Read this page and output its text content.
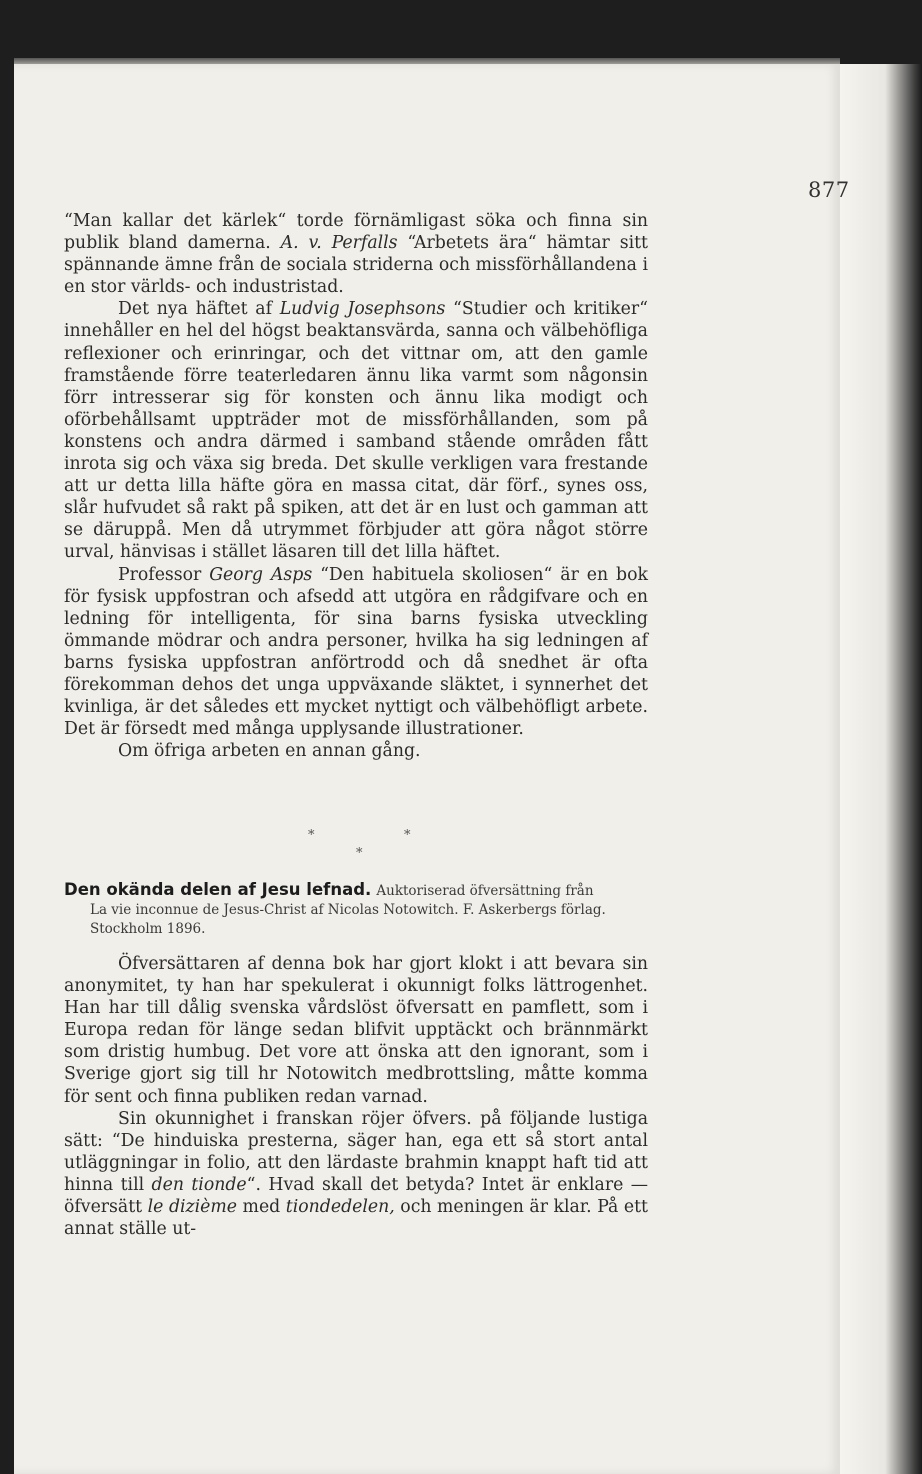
877

“Man kallar det kärlek“ torde förnämligast söka och finna sin publik bland damerna. A. v. Perfalls “Arbetets ära“ hämtar sitt spännande ämne från de sociala striderna och missförhållandena i en stor världs- och industristad.

Det nya häftet af Ludvig Josephsons “Studier och kritiker“ innehåller en hel del högst beaktansvärda, sanna och välbehöfliga reflexioner och erinringar, och det vittnar om, att den gamle framstående förre teaterledaren ännu lika varmt som någonsin förr intresserar sig för konsten och ännu lika modigt och oförbehållsamt uppträder mot de missförhållanden, som på konstens och andra därmed i samband stående områden fått inrota sig och växa sig breda. Det skulle verkligen vara frestande att ur detta lilla häfte göra en massa citat, där förf., synes oss, slår hufvudet så rakt på spiken, att det är en lust och gamman att se däruppå. Men då utrymmet förbjuder att göra något större urval, hänvisas i stället läsaren till det lilla häftet.

Professor Georg Asps “Den habituela skoliosen“ är en bok för fysisk uppfostran och afsedd att utgöra en rådgifvare och en ledning för intelligenta, för sina barns fysiska utveckling ömmande mödrar och andra personer, hvilka ha sig ledningen af barns fysiska uppfostran anförtrodd och då snedhet är ofta förekomman dehos det unga uppväxande släktet, i synnerhet det kvinliga, är det således ett mycket nyttigt och välbehöfligt arbete. Det är försedt med många upplysande illustrationer.

Om öfriga arbeten en annan gång.

*	*
*
Den okända delen af Jesu lefnad. Auktoriserad öfversättning från
La vie inconnue de Jesus-Christ af Nicolas Notowitch. F. Askerbergs förlag. Stockholm 1896.

Öfversättaren af denna bok har gjort klokt i att bevara sin anonymitet, ty han har spekulerat i okunnigt folks lättrogenhet. Han har till dålig svenska vårdslöst öfversatt en pamflett, som i Europa redan för länge sedan blifvit upptäckt och brännmärkt som dristig humbug. Det vore att önska att den ignorant, som i Sverige gjort sig till hr Notowitch medbrottsling, måtte komma för sent och finna publiken redan varnad.

Sin okunnighet i franskan röjer öfvers. på följande lustiga sätt: “De hinduiska presterna, säger han, ega ett så stort antal utläggningar in folio, att den lärdaste brahmin knappt haft tid att hinna till den tionde“. Hvad skall det betyda? Intet är enklare — öfversätt le dizième med tiondedelen, och meningen är klar. På ett annat ställe ut-
